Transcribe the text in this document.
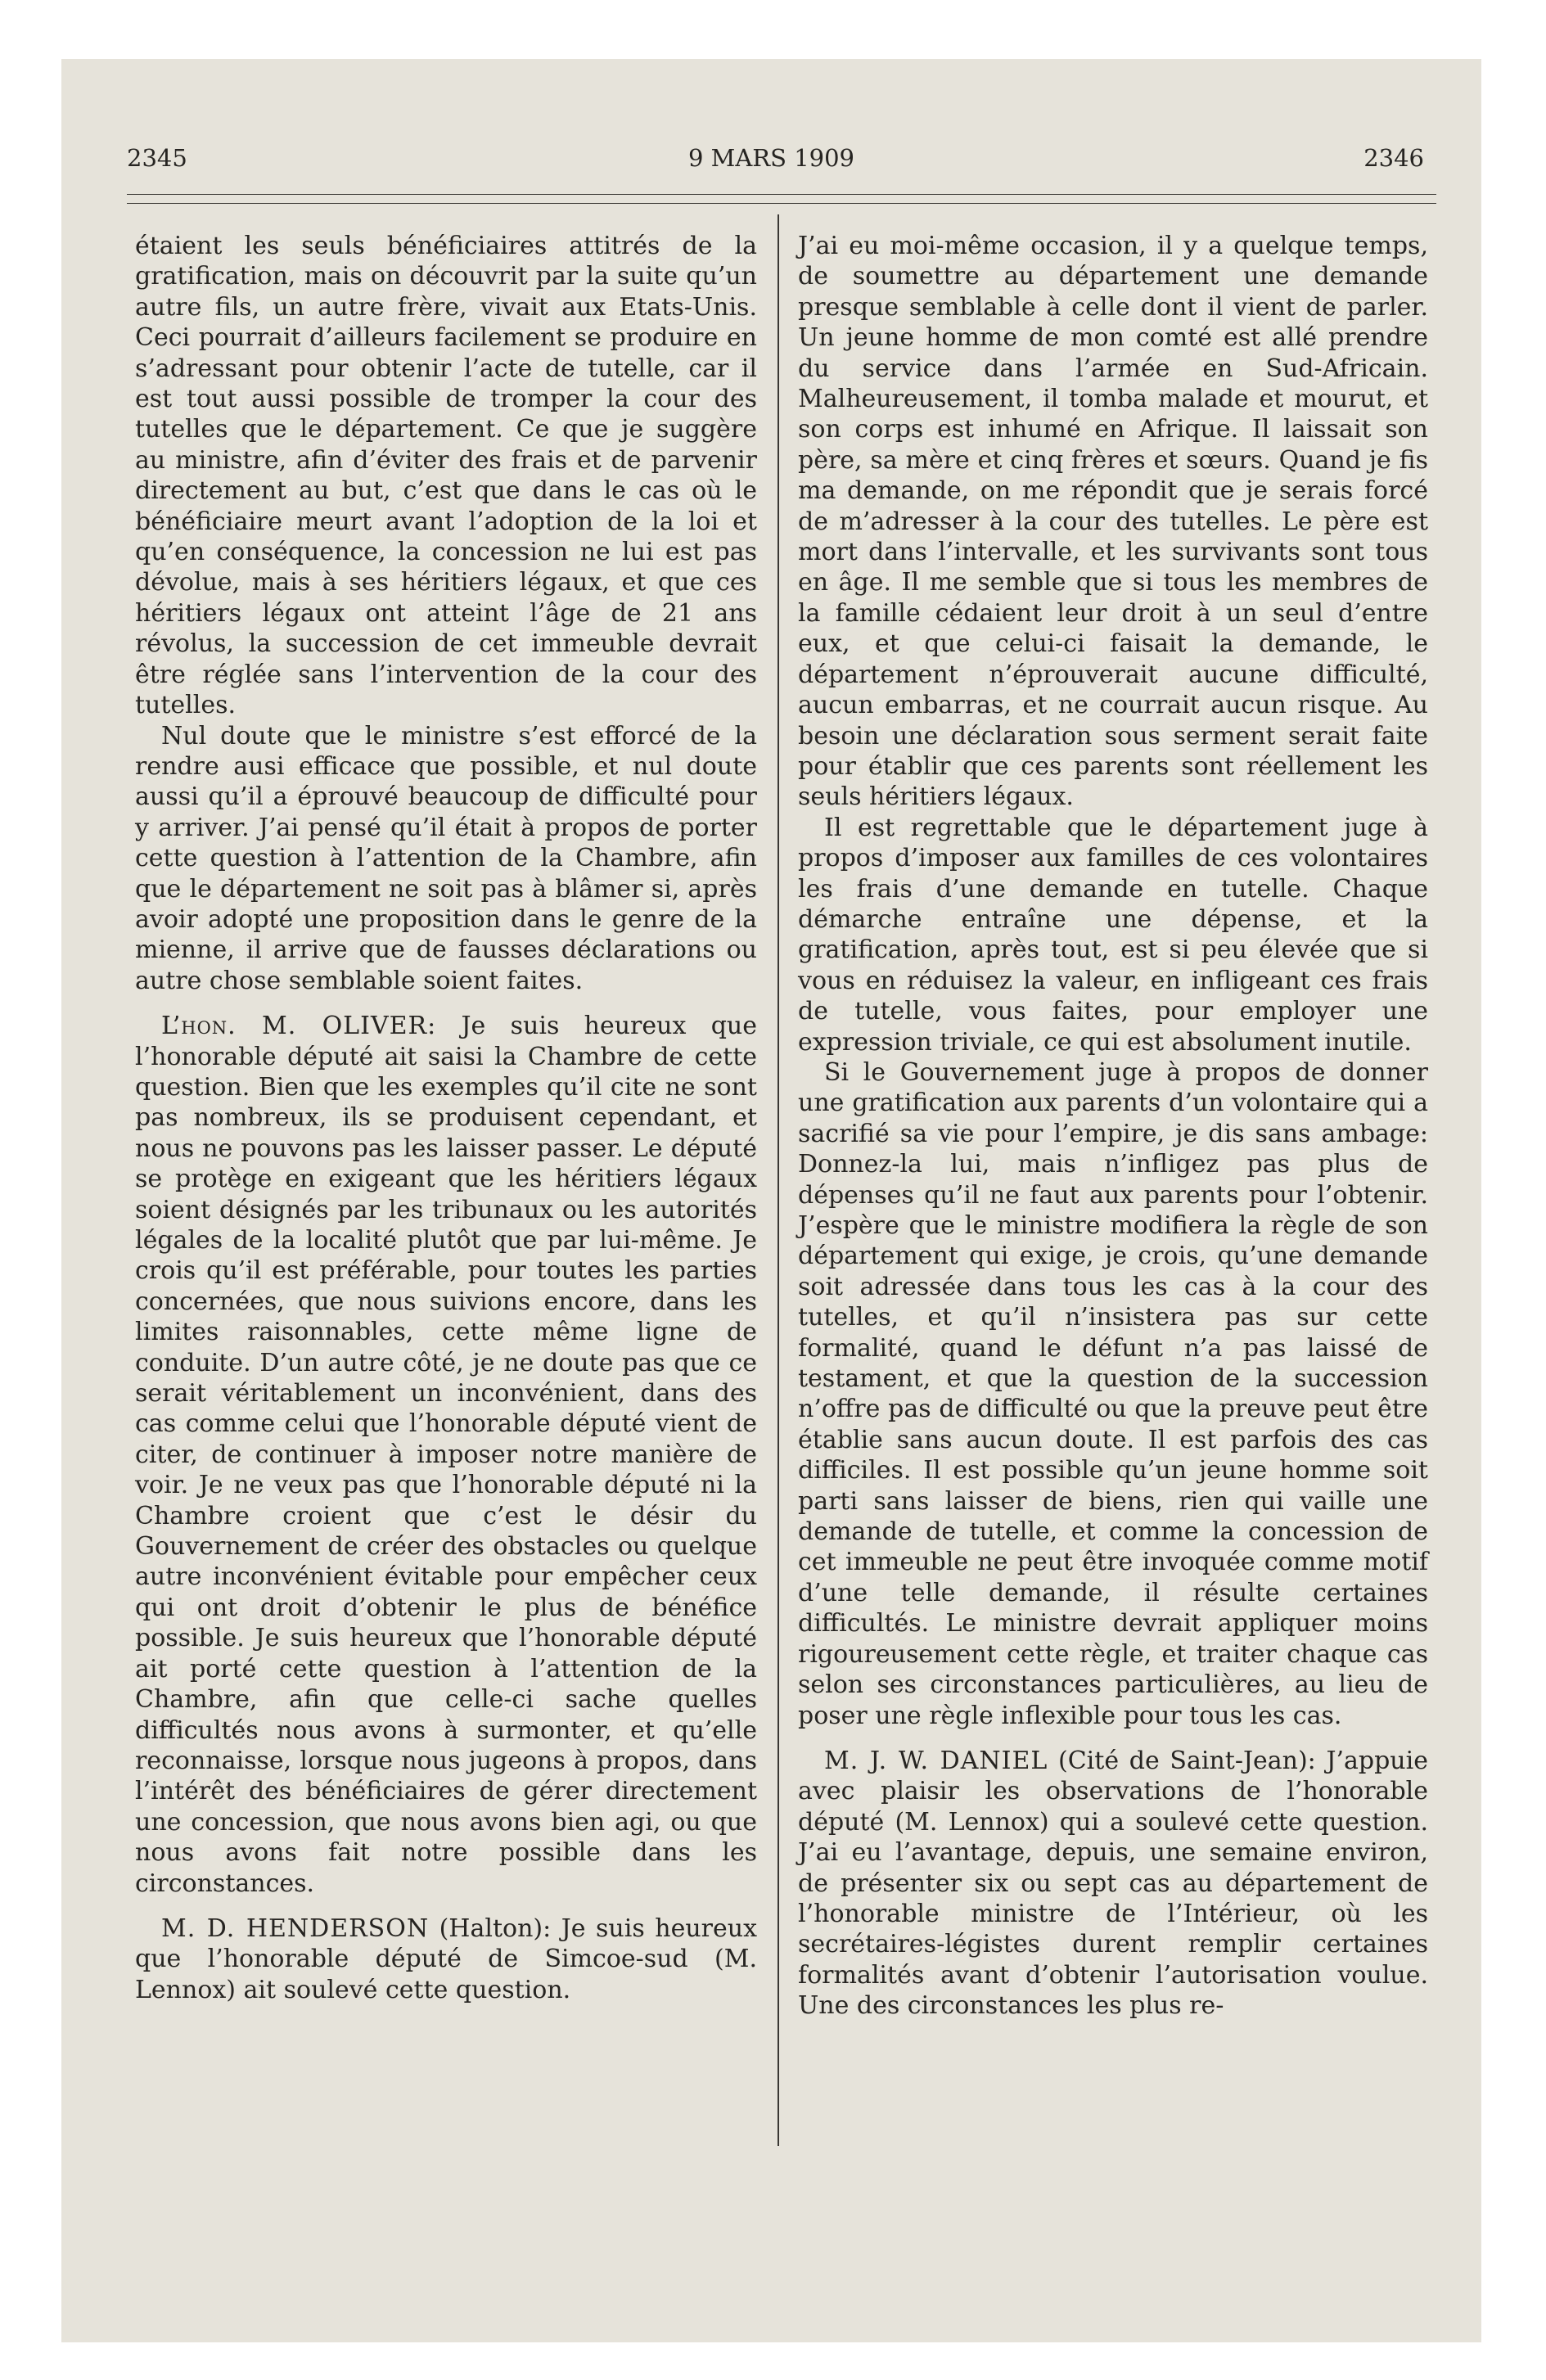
2345	9 MARS 1909	2346

étaient les seuls bénéficiaires attitrés de la gratification, mais on découvrit par la suite qu’un autre fils, un autre frère, vivait aux Etats-Unis. Ceci pourrait d’ailleurs facilement se produire en s’adressant pour obtenir l’acte de tutelle, car il est tout aussi possible de tromper la cour des tutelles que le département. Ce que je suggère au ministre, afin d’éviter des frais et de parvenir directement au but, c’est que dans le cas où le bénéficiaire meurt avant l’adoption de la loi et qu’en conséquence, la concession ne lui est pas dévolue, mais à ses héritiers légaux, et que ces héritiers légaux ont atteint l’âge de 21 ans révolus, la succession de cet immeuble devrait être réglée sans l’intervention de la cour des tutelles.

Nul doute que le ministre s’est efforcé de la rendre ausi efficace que possible, et nul doute aussi qu’il a éprouvé beaucoup de difficulté pour y arriver. J’ai pensé qu’il était à propos de porter cette question à l’attention de la Chambre, afin que le département ne soit pas à blâmer si, après avoir adopté une proposition dans le genre de la mienne, il arrive que de fausses déclarations ou autre chose semblable soient faites.

L’hon. M. OLIVER: Je suis heureux que l’honorable député ait saisi la Chambre de cette question. Bien que les exemples qu’il cite ne sont pas nombreux, ils se produisent cependant, et nous ne pouvons pas les laisser passer. Le député se protège en exigeant que les héritiers légaux soient désignés par les tribunaux ou les autorités légales de la localité plutôt que par lui-même. Je crois qu’il est préférable, pour toutes les parties concernées, que nous suivions encore, dans les limites raisonnables, cette même ligne de conduite. D’un autre côté, je ne doute pas que ce serait véritablement un inconvénient, dans des cas comme celui que l’honorable député vient de citer, de continuer à imposer notre manière de voir. Je ne veux pas que l’honorable député ni la Chambre croient que c’est le désir du Gouvernement de créer des obstacles ou quelque autre inconvénient évitable pour empêcher ceux qui ont droit d’obtenir le plus de bénéfice possible. Je suis heureux que l’honorable député ait porté cette question à l’attention de la Chambre, afin que celle-ci sache quelles difficultés nous avons à surmonter, et qu’elle reconnaisse, lorsque nous jugeons à propos, dans l’intérêt des bénéficiaires de gérer directement une concession, que nous avons bien agi, ou que nous avons fait notre possible dans les circonstances.

M. D. HENDERSON (Halton): Je suis heureux que l’honorable député de Simcoe-sud (M. Lennox) ait soulevé cette question.

J’ai eu moi-même occasion, il y a quelque temps, de soumettre au département une demande presque semblable à celle dont il vient de parler. Un jeune homme de mon comté est allé prendre du service dans l’armée en Sud-Africain. Malheureusement, il tomba malade et mourut, et son corps est inhumé en Afrique. Il laissait son père, sa mère et cinq frères et sœurs. Quand je fis ma demande, on me répondit que je serais forcé de m’adresser à la cour des tutelles. Le père est mort dans l’intervalle, et les survivants sont tous en âge. Il me semble que si tous les membres de la famille cédaient leur droit à un seul d’entre eux, et que celui-ci faisait la demande, le département n’éprouverait aucune difficulté, aucun embarras, et ne courrait aucun risque. Au besoin une déclaration sous serment serait faite pour établir que ces parents sont réellement les seuls héritiers légaux.

Il est regrettable que le département juge à propos d’imposer aux familles de ces volontaires les frais d’une demande en tutelle. Chaque démarche entraîne une dépense, et la gratification, après tout, est si peu élevée que si vous en réduisez la valeur, en infligeant ces frais de tutelle, vous faites, pour employer une expression triviale, ce qui est absolument inutile.

Si le Gouvernement juge à propos de donner une gratification aux parents d’un volontaire qui a sacrifié sa vie pour l’empire, je dis sans ambage: Donnez-la lui, mais n’infligez pas plus de dépenses qu’il ne faut aux parents pour l’obtenir. J’espère que le ministre modifiera la règle de son département qui exige, je crois, qu’une demande soit adressée dans tous les cas à la cour des tutelles, et qu’il n’insistera pas sur cette formalité, quand le défunt n’a pas laissé de testament, et que la question de la succession n’offre pas de difficulté ou que la preuve peut être établie sans aucun doute. Il est parfois des cas difficiles. Il est possible qu’un jeune homme soit parti sans laisser de biens, rien qui vaille une demande de tutelle, et comme la concession de cet immeuble ne peut être invoquée comme motif d’une telle demande, il résulte certaines difficultés. Le ministre devrait appliquer moins rigoureusement cette règle, et traiter chaque cas selon ses circonstances particulières, au lieu de poser une règle inflexible pour tous les cas.

M. J. W. DANIEL (Cité de Saint-Jean): J’appuie avec plaisir les observations de l’honorable député (M. Lennox) qui a soulevé cette question. J’ai eu l’avantage, depuis, une semaine environ, de présenter six ou sept cas au département de l’honorable ministre de l’Intérieur, où les secrétaires-légistes durent remplir certaines formalités avant d’obtenir l’autorisation voulue. Une des circonstances les plus re-
